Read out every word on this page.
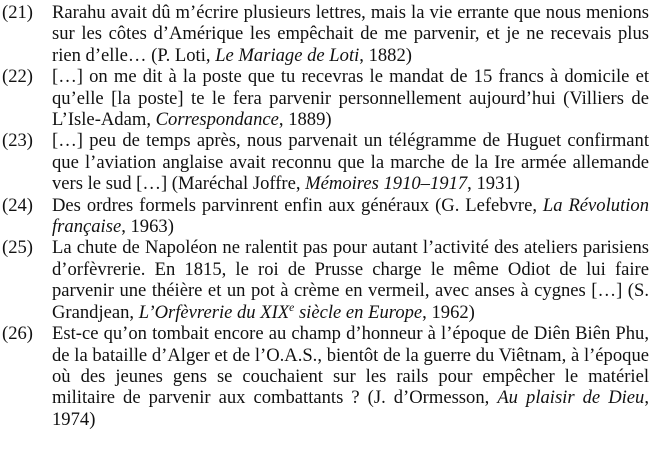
(21)	Rarahu avait dû m’écrire plusieurs lettres, mais la vie errante que nous menions sur les côtes d’Amérique les empêchait de me parvenir, et je ne recevais plus rien d’elle… (P. Loti, Le Mariage de Loti, 1882)
(22)	[…] on me dit à la poste que tu recevras le mandat de 15 francs à domicile et qu’elle [la poste] te le fera parvenir personnellement aujourd’hui (Villiers de L’Isle-Adam, Correspondance, 1889)
(23)	[…] peu de temps après, nous parvenait un télégramme de Huguet confirmant que l’aviation anglaise avait reconnu que la marche de la Ire armée allemande vers le sud […] (Maréchal Joffre, Mémoires 1910–1917, 1931)
(24)	Des ordres formels parvinrent enfin aux généraux (G. Lefebvre, La Révolution française, 1963)
(25)	La chute de Napoléon ne ralentit pas pour autant l’activité des ateliers parisiens d’orfèvrerie. En 1815, le roi de Prusse charge le même Odiot de lui faire parvenir une théière et un pot à crème en vermeil, avec anses à cygnes […] (S. Grandjean, L’Orfèvrerie du XIXe siècle en Europe, 1962)
(26)	Est-ce qu’on tombait encore au champ d’honneur à l’époque de Diên Biên Phu, de la bataille d’Alger et de l’O.A.S., bientôt de la guerre du Viêtnam, à l’époque où des jeunes gens se couchaient sur les rails pour empêcher le matériel militaire de parvenir aux combattants ? (J. d’Ormesson, Au plaisir de Dieu, 1974)
